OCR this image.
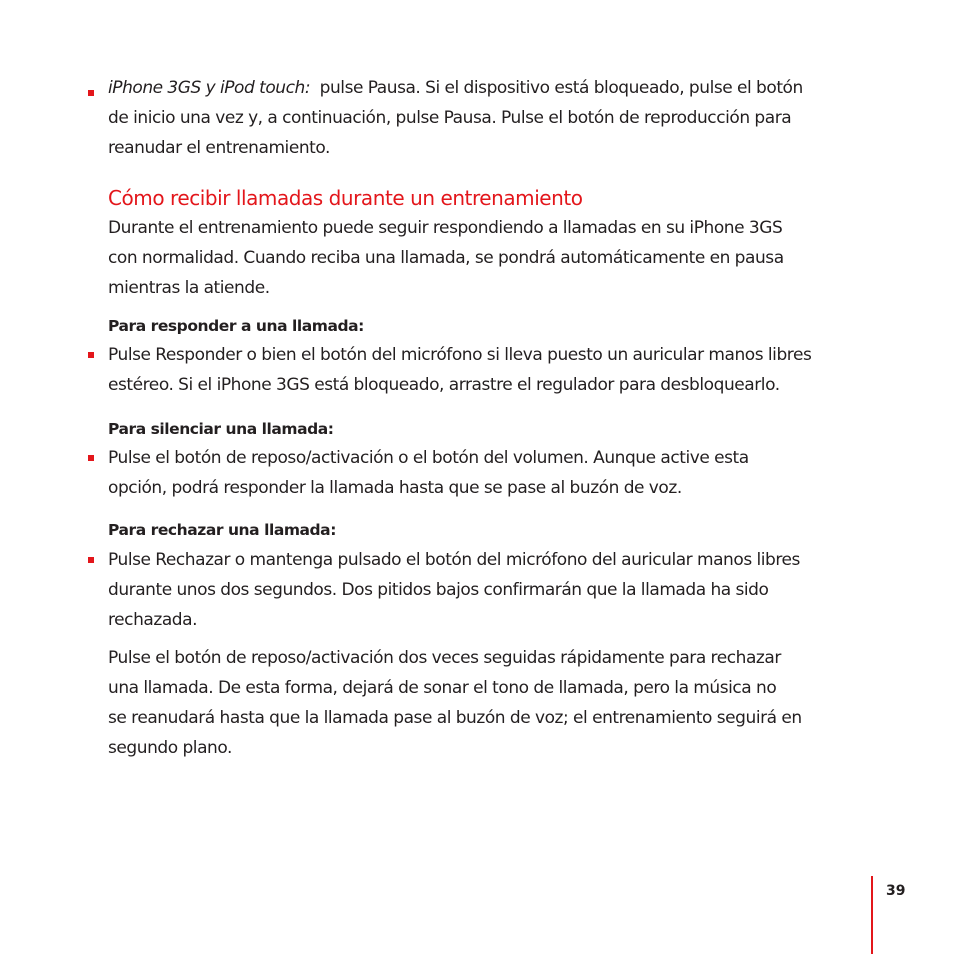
iPhone 3GS y iPod touch: pulse Pausa. Si el dispositivo está bloqueado, pulse el botón
de inicio una vez y, a continuación, pulse Pausa. Pulse el botón de reproducción para
reanudar el entrenamiento.

Cómo recibir llamadas durante un entrenamiento

Durante el entrenamiento puede seguir respondiendo a llamadas en su iPhone 3GS
con normalidad. Cuando reciba una llamada, se pondrá automáticamente en pausa
mientras la atiende.

Para responder a una llamada:

Pulse Responder o bien el botón del micrófono si lleva puesto un auricular manos libres
estéreo. Si el iPhone 3GS está bloqueado, arrastre el regulador para desbloquearlo.

Para silenciar una llamada:

Pulse el botón de reposo/activación o el botón del volumen. Aunque active esta
opción, podrá responder la llamada hasta que se pase al buzón de voz.

Para rechazar una llamada:

Pulse Rechazar o mantenga pulsado el botón del micrófono del auricular manos libres
durante unos dos segundos. Dos pitidos bajos confirmarán que la llamada ha sido
rechazada.

Pulse el botón de reposo/activación dos veces seguidas rápidamente para rechazar
una llamada. De esta forma, dejará de sonar el tono de llamada, pero la música no
se reanudará hasta que la llamada pase al buzón de voz; el entrenamiento seguirá en
segundo plano.

39
